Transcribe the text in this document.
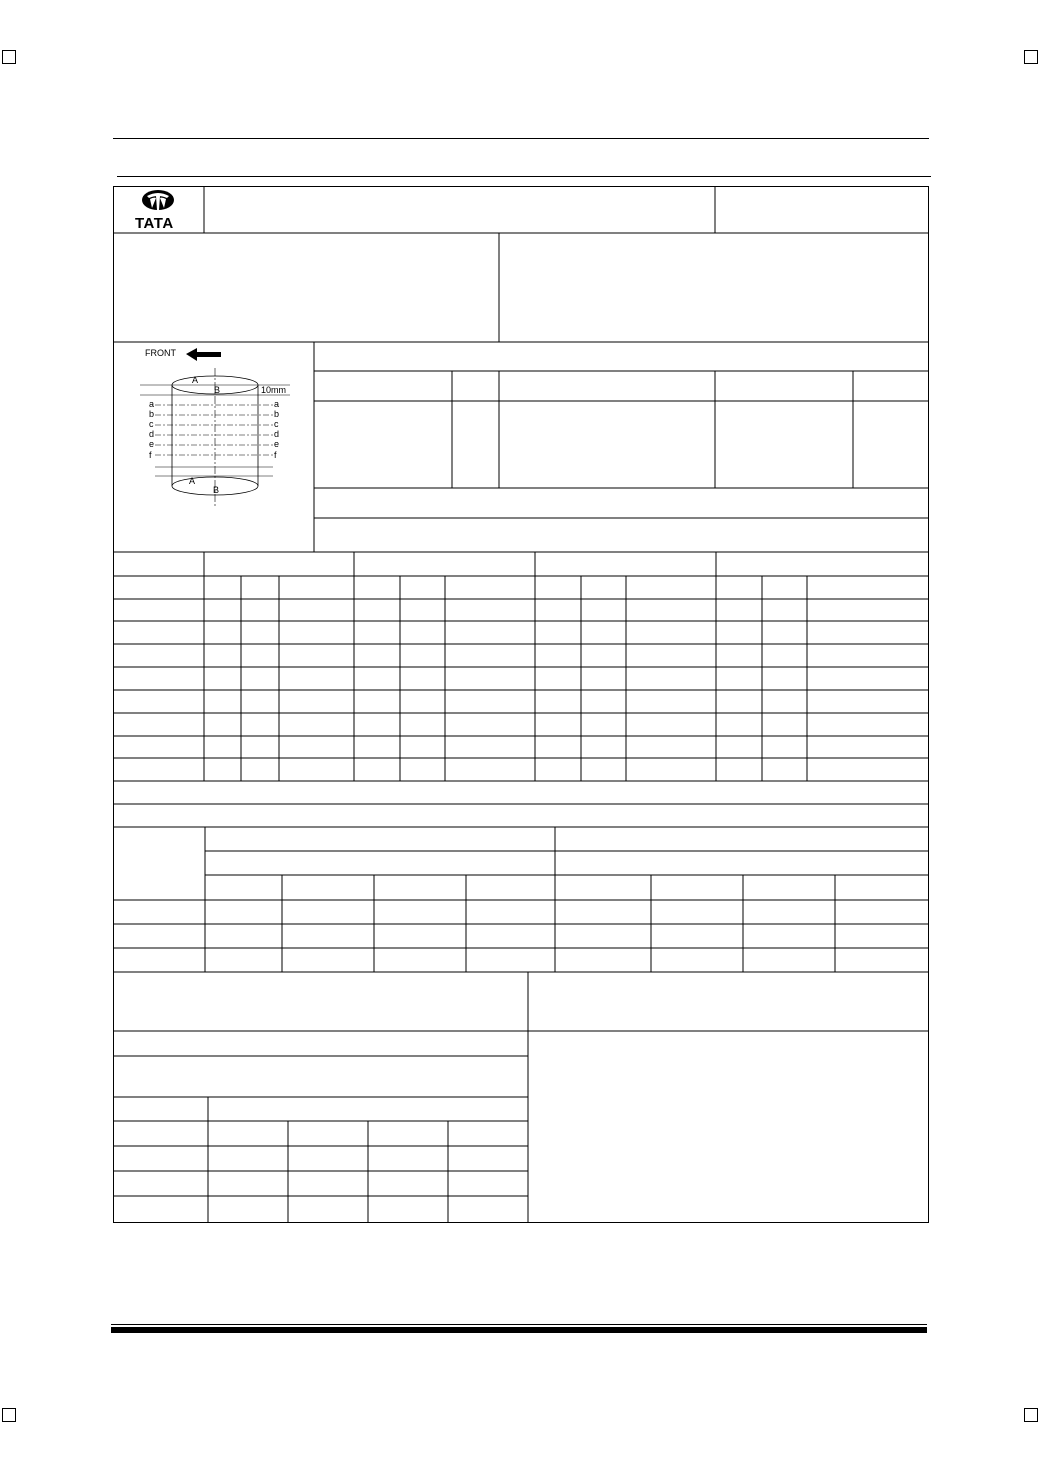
TATA
FRONT
A
B	10mm
A
B
a
b
c
d
e
f
a
b
c
d
e
f
